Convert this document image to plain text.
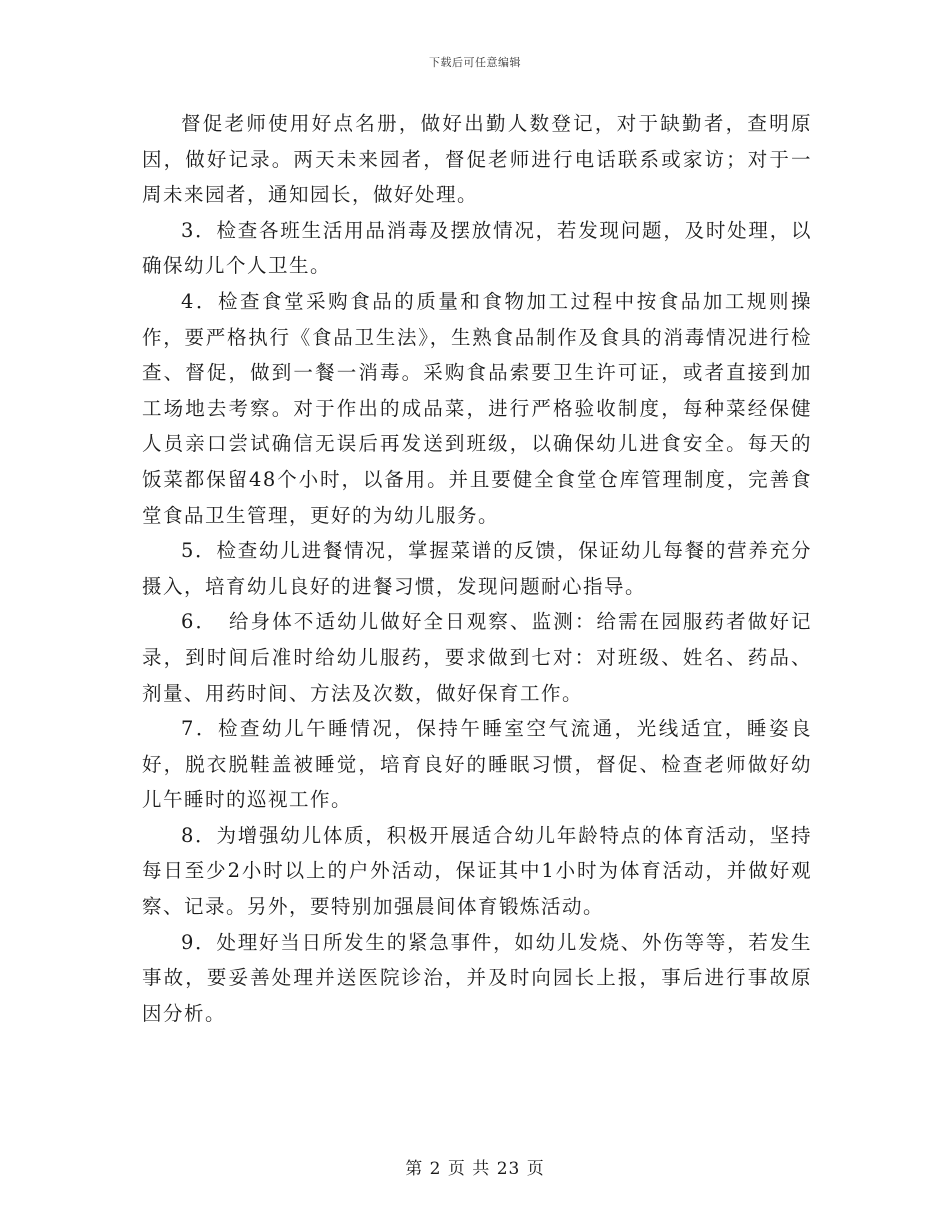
下载后可任意编辑

督促老师使用好点名册，做好出勤人数登记，对于缺勤者，查明原因，做好记录。两天未来园者，督促老师进行电话联系或家访；对于一周未来园者，通知园长，做好处理。

3．检查各班生活用品消毒及摆放情况，若发现问题，及时处理，以确保幼儿个人卫生。

4．检查食堂采购食品的质量和食物加工过程中按食品加工规则操作，要严格执行《食品卫生法》，生熟食品制作及食具的消毒情况进行检查、督促，做到一餐一消毒。采购食品索要卫生许可证，或者直接到加工场地去考察。对于作出的成品菜，进行严格验收制度，每种菜经保健人员亲口尝试确信无误后再发送到班级，以确保幼儿进食安全。每天的饭菜都保留48个小时，以备用。并且要健全食堂仓库管理制度，完善食堂食品卫生管理，更好的为幼儿服务。

5．检查幼儿进餐情况，掌握菜谱的反馈，保证幼儿每餐的营养充分摄入，培育幼儿良好的进餐习惯，发现问题耐心指导。

6．　给身体不适幼儿做好全日观察、监测：给需在园服药者做好记录，到时间后准时给幼儿服药，要求做到七对：对班级、姓名、药品、剂量、用药时间、方法及次数，做好保育工作。

7．检查幼儿午睡情况，保持午睡室空气流通，光线适宜，睡姿良好，脱衣脱鞋盖被睡觉，培育良好的睡眠习惯，督促、检查老师做好幼儿午睡时的巡视工作。

8．为增强幼儿体质，积极开展适合幼儿年龄特点的体育活动，坚持每日至少2小时以上的户外活动，保证其中1小时为体育活动，并做好观察、记录。另外，要特别加强晨间体育锻炼活动。

9．处理好当日所发生的紧急事件，如幼儿发烧、外伤等等，若发生事故，要妥善处理并送医院诊治，并及时向园长上报，事后进行事故原因分析。

第 2 页 共 23 页
